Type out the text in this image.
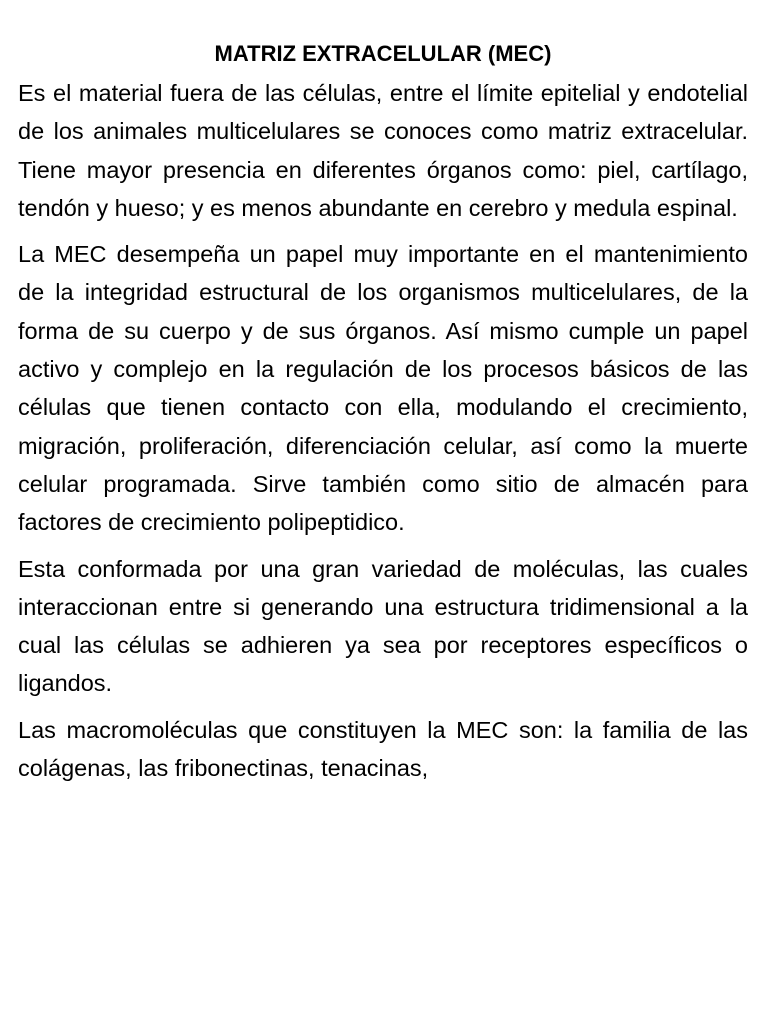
MATRIZ EXTRACELULAR (MEC)

Es el material fuera de las células, entre el límite epitelial y endotelial de los animales multicelulares se conoces como matriz extracelular. Tiene mayor presencia en diferentes órganos como: piel, cartílago, tendón y hueso; y es menos abundante en cerebro y medula espinal.

La MEC desempeña un papel muy importante en el mantenimiento de la integridad estructural de los organismos multicelulares, de la forma de su cuerpo y de sus órganos. Así mismo cumple un papel activo y complejo en la regulación de los procesos básicos de las células que tienen contacto con ella, modulando el crecimiento, migración, proliferación, diferenciación celular, así como la muerte celular programada. Sirve también como sitio de almacén para factores de crecimiento polipeptidico.

Esta conformada por una gran variedad de moléculas, las cuales interaccionan entre si generando una estructura tridimensional a la cual las células se adhieren ya sea por receptores específicos o ligandos.

Las macromoléculas que constituyen la MEC son: la familia de las colágenas, las fribonectinas, tenacinas,
